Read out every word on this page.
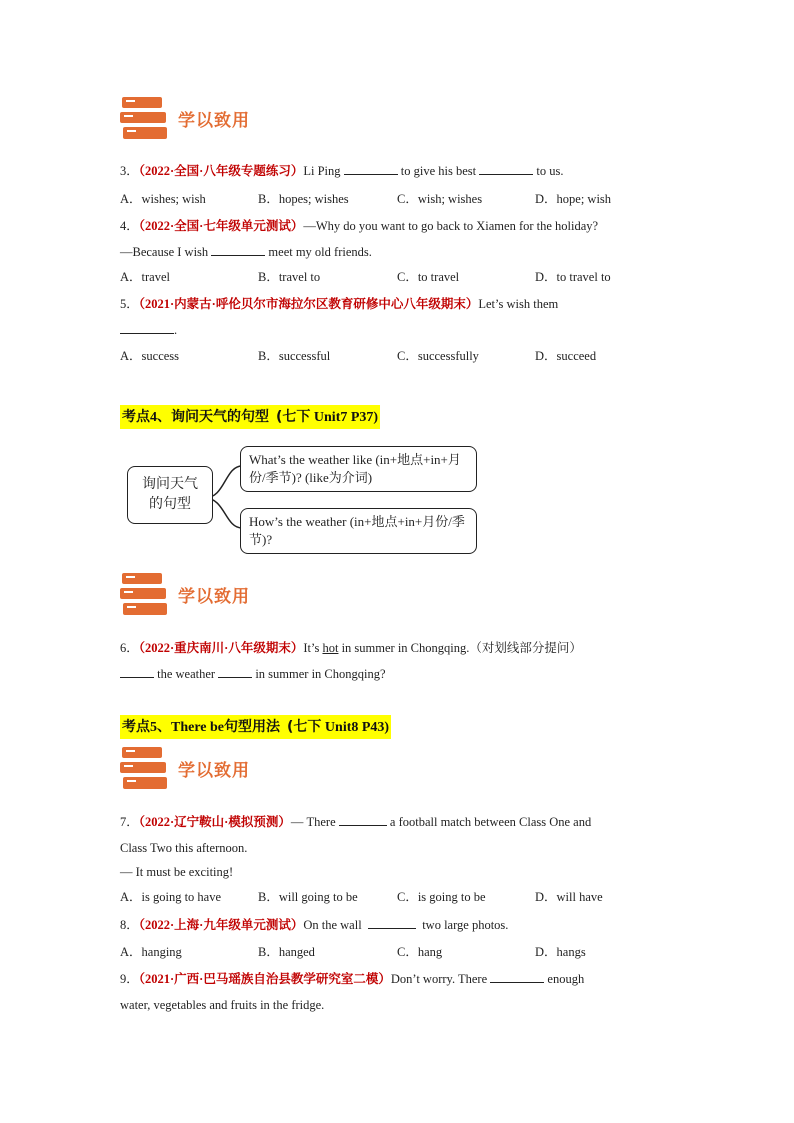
学以致用
3．（2022·全国·八年级专题练习）Li Ping	to give his best	to us.
A．wishes; wish	B．hopes; wishes	C．wish; wishes	D．hope; wish
4．（2022·全国·七年级单元测试）—Why do you want to go back to Xiamen for the holiday?
—Because I wish	meet my old friends.
A．travel	B．travel to	C．to travel	D．to travel to
5．（2021·内蒙古·呼伦贝尔市海拉尔区教育研修中心八年级期末）Let’s wish them
.
A．success	B．successful	C．successfully	D．succeed
考点4、询问天气的句型 (七下 Unit7 P37)
询问天气的句型
What’s the weather like (in+地点+in+月份/季节)? (like为介词)
How’s the weather (in+地点+in+月份/季节)?
学以致用
6．（2022·重庆南川·八年级期末）It’s hot in summer in Chongqing.（对划线部分提问）
the weather	in summer in Chongqing?
考点5、There be句型用法 (七下 Unit8 P43)
学以致用
7．（2022·辽宁鞍山·模拟预测）— There	a football match between Class One and
Class Two this afternoon.
— It must be exciting!
A．is going to have	B．will going to be	C．is going to be	D．will have
8．（2022·上海·九年级单元测试）On the wall	two large photos.
A．hanging	B．hanged	C．hang	D．hangs
9．（2021·广西·巴马瑶族自治县教学研究室二模）Don’t worry. There	enough
water, vegetables and fruits in the fridge.
